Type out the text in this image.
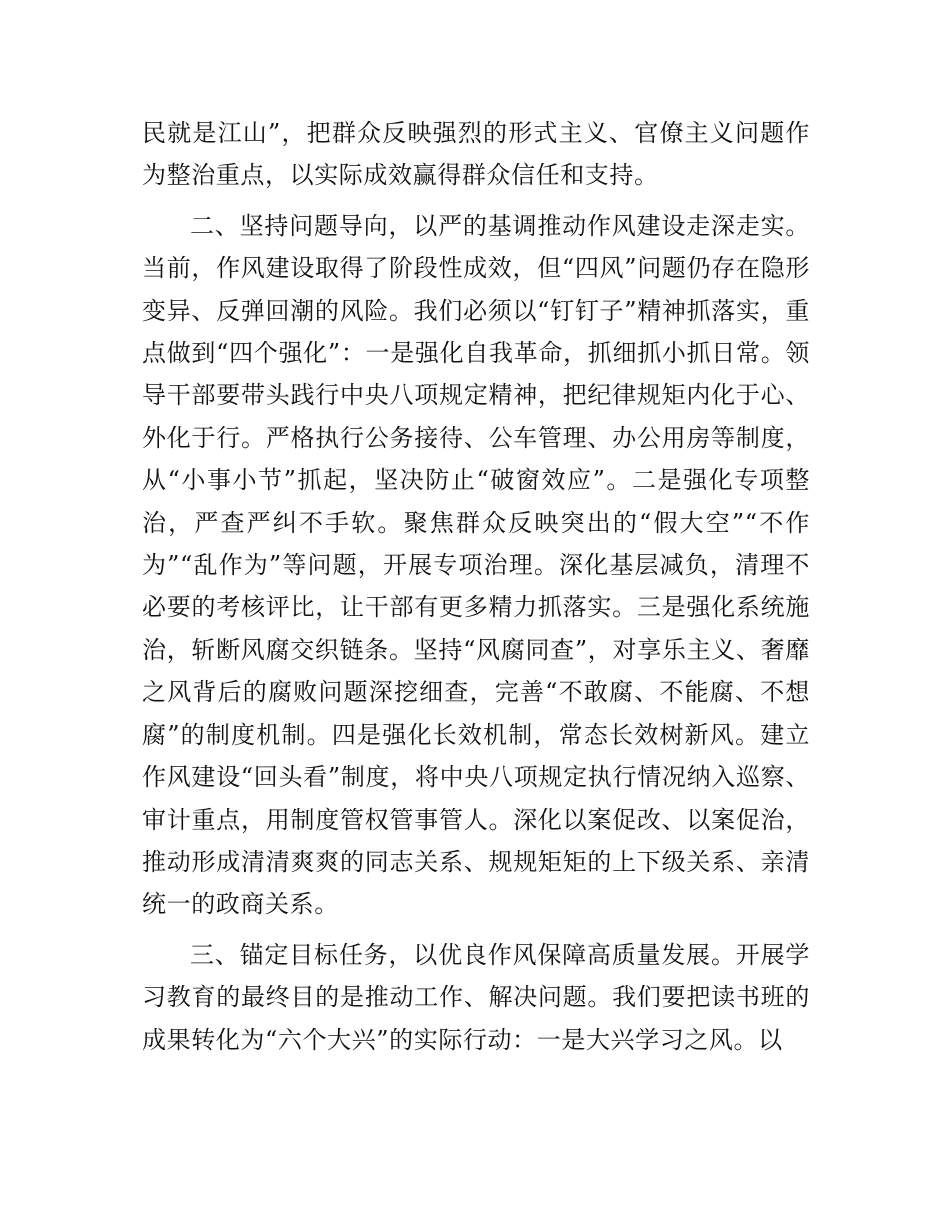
民就是江山”，把群众反映强烈的形式主义、官僚主义问题作为整治重点，以实际成效赢得群众信任和支持。

二、坚持问题导向，以严的基调推动作风建设走深走实。当前，作风建设取得了阶段性成效，但“四风”问题仍存在隐形变异、反弹回潮的风险。我们必须以“钉钉子”精神抓落实，重点做到“四个强化”：一是强化自我革命，抓细抓小抓日常。领导干部要带头践行中央八项规定精神，把纪律规矩内化于心、外化于行。严格执行公务接待、公车管理、办公用房等制度，从“小事小节”抓起，坚决防止“破窗效应”。二是强化专项整治，严查严纠不手软。聚焦群众反映突出的“假大空”“不作为”“乱作为”等问题，开展专项治理。深化基层减负，清理不必要的考核评比，让干部有更多精力抓落实。三是强化系统施治，斩断风腐交织链条。坚持“风腐同查”，对享乐主义、奢靡之风背后的腐败问题深挖细查，完善“不敢腐、不能腐、不想腐”的制度机制。四是强化长效机制，常态长效树新风。建立作风建设“回头看”制度，将中央八项规定执行情况纳入巡察、审计重点，用制度管权管事管人。深化以案促改、以案促治，推动形成清清爽爽的同志关系、规规矩矩的上下级关系、亲清统一的政商关系。

三、锚定目标任务，以优良作风保障高质量发展。开展学习教育的最终目的是推动工作、解决问题。我们要把读书班的成果转化为“六个大兴”的实际行动：一是大兴学习之风。以
